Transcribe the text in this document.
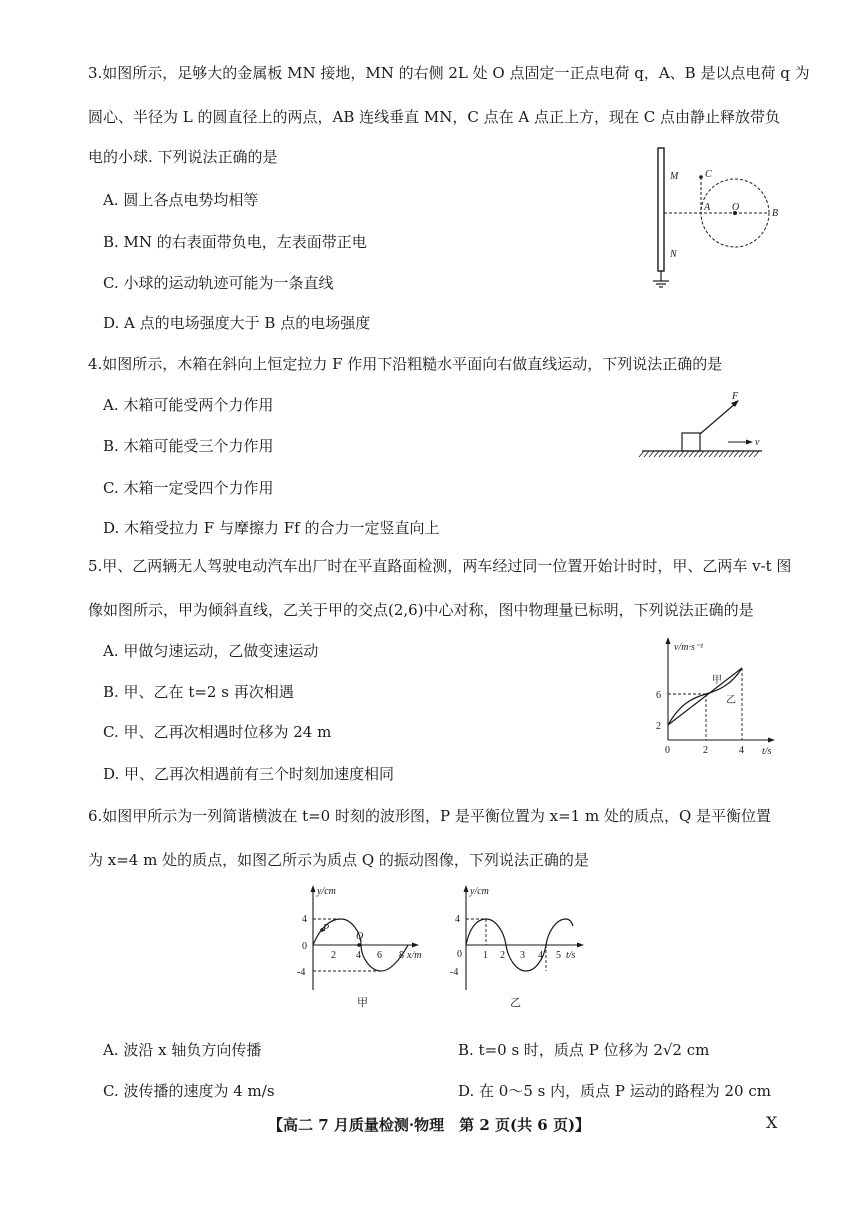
3.如图所示，足够大的金属板 MN 接地，MN 的右侧 2L 处 O 点固定一正点电荷 q，A、B 是以点电荷 q 为
圆心、半径为 L 的圆直径上的两点，AB 连线垂直 MN，C 点在 A 点正上方，现在 C 点由静止释放带负
电的小球. 下列说法正确的是
A. 圆上各点电势均相等
B. MN 的右表面带负电，左表面带正电
C. 小球的运动轨迹可能为一条直线
D. A 点的电场强度大于 B 点的电场强度
M
N
C
A O
B
4.如图所示，木箱在斜向上恒定拉力 F 作用下沿粗糙水平面向右做直线运动，下列说法正确的是
A. 木箱可能受两个力作用
B. 木箱可能受三个力作用
C. 木箱一定受四个力作用
D. 木箱受拉力 F 与摩擦力 Ff 的合力一定竖直向上
F
v
5.甲、乙两辆无人驾驶电动汽车出厂时在平直路面检测，两车经过同一位置开始计时时，甲、乙两车 v-t 图
像如图所示，甲为倾斜直线，乙关于甲的交点(2,6)中心对称，图中物理量已标明，下列说法正确的是
A. 甲做匀速运动，乙做变速运动
B. 甲、乙在 t=2 s 再次相遇
C. 甲、乙再次相遇时位移为 24 m
D. 甲、乙再次相遇前有三个时刻加速度相同
v/m·s⁻¹
t/s
6
2
0	2	4
甲
乙
6.如图甲所示为一列简谐横波在 t=0 时刻的波形图，P 是平衡位置为 x=1 m 处的质点，Q 是平衡位置
为 x=4 m 处的质点，如图乙所示为质点 Q 的振动图像，下列说法正确的是
y/cm
x/m
4
0
-4
2 4 6 8
P
Q
甲
y/cm
t/s
4
0
-4
1 2 3 4 5
乙
A. 波沿 x 轴负方向传播	B. t=0 s 时，质点 P 位移为 2√2 cm
C. 波传播的速度为 4 m/s	D. 在 0～5 s 内，质点 P 运动的路程为 20 cm
【高二 7 月质量检测·物理　第 2 页(共 6 页)】	X
